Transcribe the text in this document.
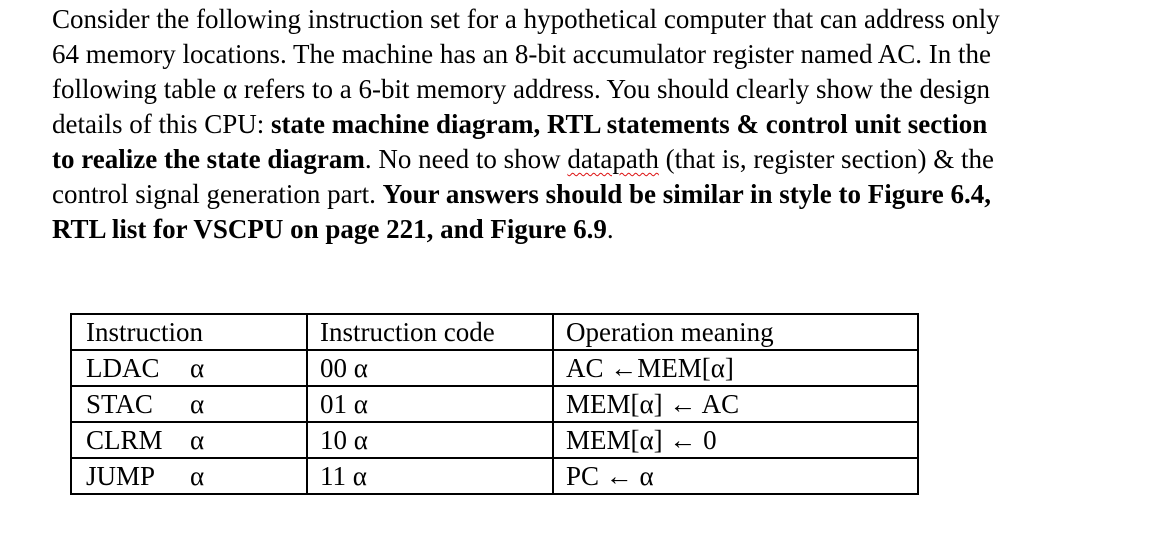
Consider the following instruction set for a hypothetical computer that can address only
64 memory locations. The machine has an 8-bit accumulator register named AC. In the
following table α refers to a 6-bit memory address. You should clearly show the design
details of this CPU: state machine diagram, RTL statements & control unit section
to realize the state diagram. No need to show datapath (that is, register section) & the
control signal generation part. Your answers should be similar in style to Figure 6.4,
RTL list for VSCPU on page 221, and Figure 6.9.
Instruction	Instruction code	Operation meaning
LDAC α	00 α	AC ←MEM[α]
STAC α	01 α	MEM[α] ← AC
CLRM α	10 α	MEM[α] ← 0
JUMP α	11 α	PC ← α
